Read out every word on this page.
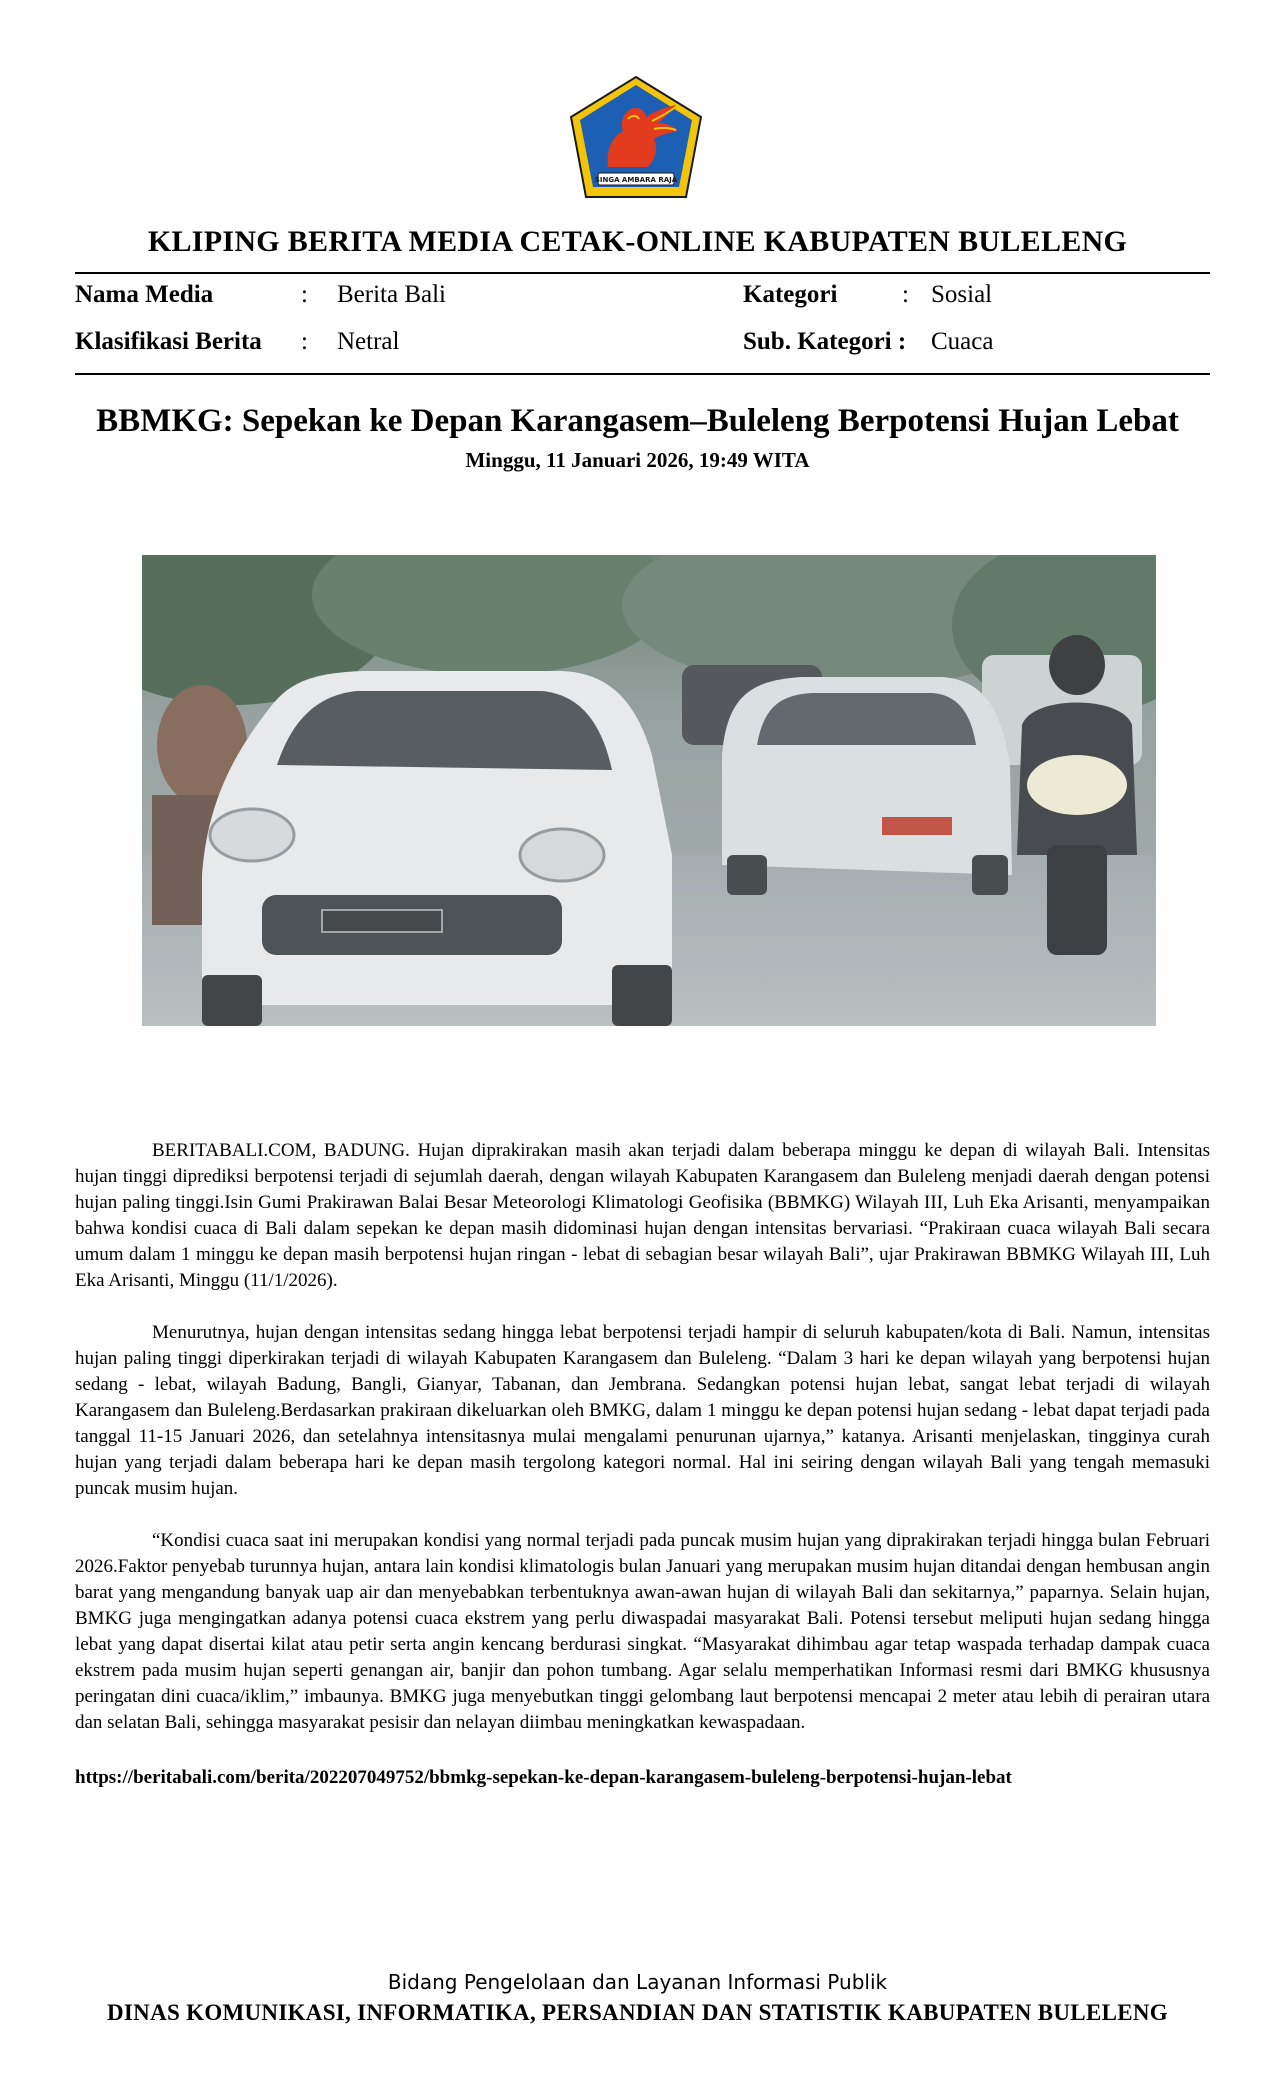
SINGA AMBARA RAJA
KLIPING BERITA MEDIA CETAK-ONLINE KABUPATEN BULELENG
Nama Media	: Berita Bali	Kategori	: Sosial
Klasifikasi Berita : Netral	Sub. Kategori : Cuaca
BBMKG: Sepekan ke Depan Karangasem–Buleleng Berpotensi Hujan Lebat
Minggu, 11 Januari 2026, 19:49 WITA

BERITABALI.COM, BADUNG. Hujan diprakirakan masih akan terjadi dalam beberapa minggu ke depan di wilayah Bali. Intensitas hujan tinggi diprediksi berpotensi terjadi di sejumlah daerah, dengan wilayah Kabupaten Karangasem dan Buleleng menjadi daerah dengan potensi hujan paling tinggi.Isin Gumi Prakirawan Balai Besar Meteorologi Klimatologi Geofisika (BBMKG) Wilayah III, Luh Eka Arisanti, menyampaikan bahwa kondisi cuaca di Bali dalam sepekan ke depan masih didominasi hujan dengan intensitas bervariasi. “Prakiraan cuaca wilayah Bali secara umum dalam 1 minggu ke depan masih berpotensi hujan ringan - lebat di sebagian besar wilayah Bali”, ujar Prakirawan BBMKG Wilayah III, Luh Eka Arisanti, Minggu (11/1/2026).

Menurutnya, hujan dengan intensitas sedang hingga lebat berpotensi terjadi hampir di seluruh kabupaten/kota di Bali. Namun, intensitas hujan paling tinggi diperkirakan terjadi di wilayah Kabupaten Karangasem dan Buleleng. “Dalam 3 hari ke depan wilayah yang berpotensi hujan sedang - lebat, wilayah Badung, Bangli, Gianyar, Tabanan, dan Jembrana. Sedangkan potensi hujan lebat, sangat lebat terjadi di wilayah Karangasem dan Buleleng.Berdasarkan prakiraan dikeluarkan oleh BMKG, dalam 1 minggu ke depan potensi hujan sedang - lebat dapat terjadi pada tanggal 11-15 Januari 2026, dan setelahnya intensitasnya mulai mengalami penurunan ujarnya,” katanya. Arisanti menjelaskan, tingginya curah hujan yang terjadi dalam beberapa hari ke depan masih tergolong kategori normal. Hal ini seiring dengan wilayah Bali yang tengah memasuki puncak musim hujan.

“Kondisi cuaca saat ini merupakan kondisi yang normal terjadi pada puncak musim hujan yang diprakirakan terjadi hingga bulan Februari 2026.Faktor penyebab turunnya hujan, antara lain kondisi klimatologis bulan Januari yang merupakan musim hujan ditandai dengan hembusan angin barat yang mengandung banyak uap air dan menyebabkan terbentuknya awan-awan hujan di wilayah Bali dan sekitarnya,” paparnya. Selain hujan, BMKG juga mengingatkan adanya potensi cuaca ekstrem yang perlu diwaspadai masyarakat Bali. Potensi tersebut meliputi hujan sedang hingga lebat yang dapat disertai kilat atau petir serta angin kencang berdurasi singkat. “Masyarakat dihimbau agar tetap waspada terhadap dampak cuaca ekstrem pada musim hujan seperti genangan air, banjir dan pohon tumbang. Agar selalu memperhatikan Informasi resmi dari BMKG khususnya peringatan dini cuaca/iklim,” imbaunya. BMKG juga menyebutkan tinggi gelombang laut berpotensi mencapai 2 meter atau lebih di perairan utara dan selatan Bali, sehingga masyarakat pesisir dan nelayan diimbau meningkatkan kewaspadaan.

https://beritabali.com/berita/202207049752/bbmkg-sepekan-ke-depan-karangasem-buleleng-berpotensi-hujan-lebat
Bidang Pengelolaan dan Layanan Informasi Publik
DINAS KOMUNIKASI, INFORMATIKA, PERSANDIAN DAN STATISTIK KABUPATEN BULELENG
